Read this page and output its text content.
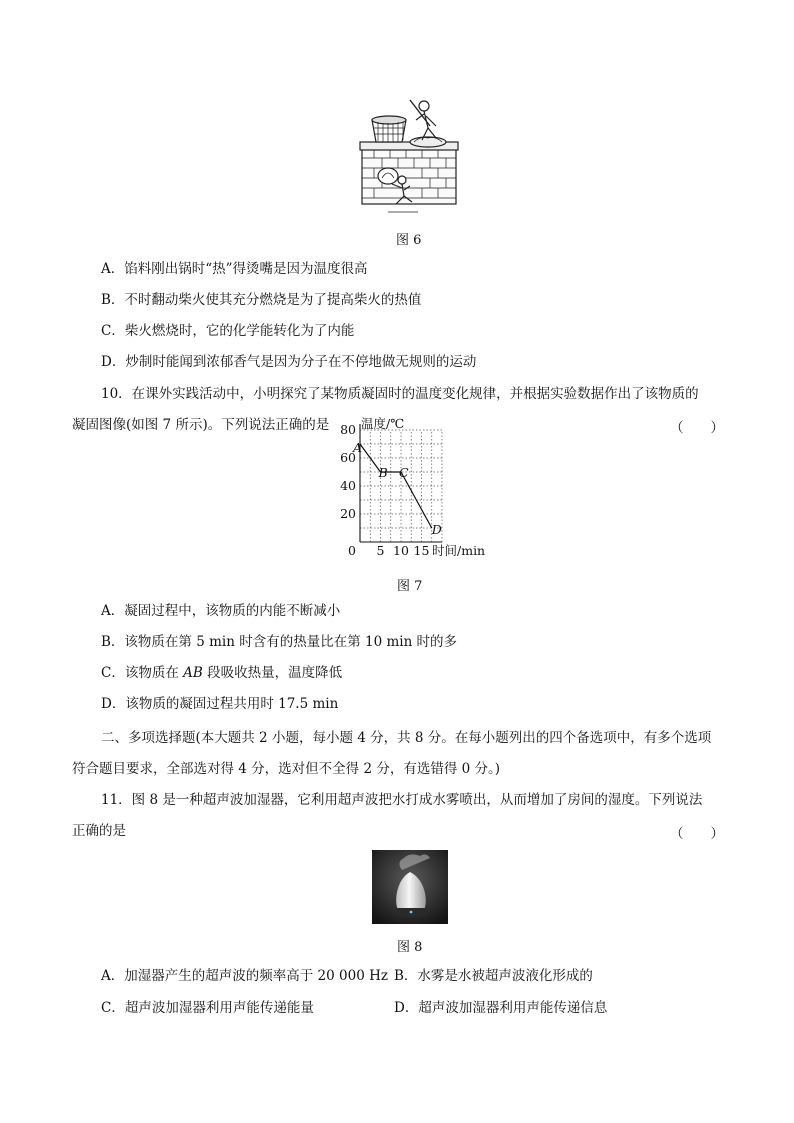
图 6
A．馅料刚出锅时“热”得烫嘴是因为温度很高
B．不时翻动柴火使其充分燃烧是为了提高柴火的热值
C．柴火燃烧时，它的化学能转化为了内能
D．炒制时能闻到浓郁香气是因为分子在不停地做无规则的运动
10．在课外实践活动中，小明探究了某物质凝固时的温度变化规律，并根据实验数据作出了该物质的
凝固图像(如图 7 所示)。下列说法正确的是	（　　）
A
B C
D
20
40
60
80
5 10 15
温度/℃
时间/min
0
图 7
A．凝固过程中，该物质的内能不断减小
B．该物质在第 5 min 时含有的热量比在第 10 min 时的多
C．该物质在 AB 段吸收热量，温度降低
D．该物质的凝固过程共用时 17.5 min
二、多项选择题(本大题共 2 小题，每小题 4 分，共 8 分。在每小题列出的四个备选项中，有多个选项
符合题目要求，全部选对得 4 分，选对但不全得 2 分，有选错得 0 分。)
11．图 8 是一种超声波加湿器，它利用超声波把水打成水雾喷出，从而增加了房间的湿度。下列说法
正确的是	（　　）
图 8
A．加湿器产生的超声波的频率高于 20 000 Hz B．水雾是水被超声波液化形成的
C．超声波加湿器利用声能传递能量	D．超声波加湿器利用声能传递信息
